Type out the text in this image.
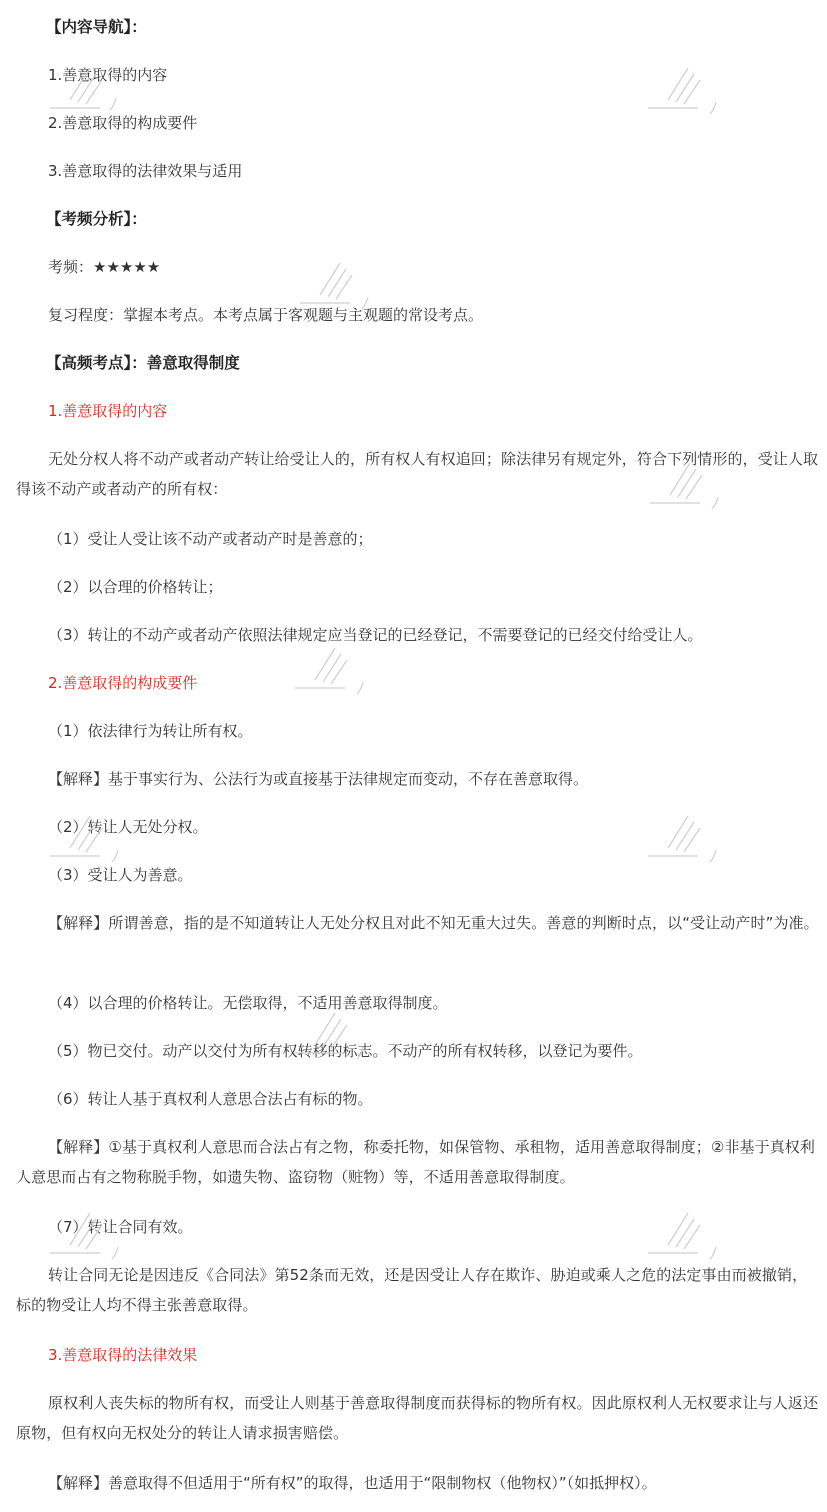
【内容导航】：
1.善意取得的内容
2.善意取得的构成要件
3.善意取得的法律效果与适用
【考频分析】：
考频：★★★★★
复习程度：掌握本考点。本考点属于客观题与主观题的常设考点。
【高频考点】：善意取得制度
1.善意取得的内容
无处分权人将不动产或者动产转让给受让人的，所有权人有权追回；除法律另有规定外，符合下列情形的，受让人取得该不动产或者动产的所有权：
（1）受让人受让该不动产或者动产时是善意的；
（2）以合理的价格转让；
（3）转让的不动产或者动产依照法律规定应当登记的已经登记，不需要登记的已经交付给受让人。
2.善意取得的构成要件
（1）依法律行为转让所有权。
【解释】基于事实行为、公法行为或直接基于法律规定而变动，不存在善意取得。
（2）转让人无处分权。
（3）受让人为善意。
【解释】所谓善意，指的是不知道转让人无处分权且对此不知无重大过失。善意的判断时点，以“受让动产时”为准。
（4）以合理的价格转让。无偿取得，不适用善意取得制度。
（5）物已交付。动产以交付为所有权转移的标志。不动产的所有权转移，以登记为要件。
（6）转让人基于真权利人意思合法占有标的物。
【解释】①基于真权利人意思而合法占有之物，称委托物，如保管物、承租物，适用善意取得制度；②非基于真权利人意思而占有之物称脱手物，如遗失物、盗窃物（赃物）等，不适用善意取得制度。
（7）转让合同有效。
转让合同无论是因违反《合同法》第52条而无效，还是因受让人存在欺诈、胁迫或乘人之危的法定事由而被撤销，标的物受让人均不得主张善意取得。
3.善意取得的法律效果
原权利人丧失标的物所有权，而受让人则基于善意取得制度而获得标的物所有权。因此原权利人无权要求让与人返还原物，但有权向无权处分的转让人请求损害赔偿。
【解释】善意取得不但适用于“所有权”的取得，也适用于“限制物权（他物权）”（如抵押权）。
